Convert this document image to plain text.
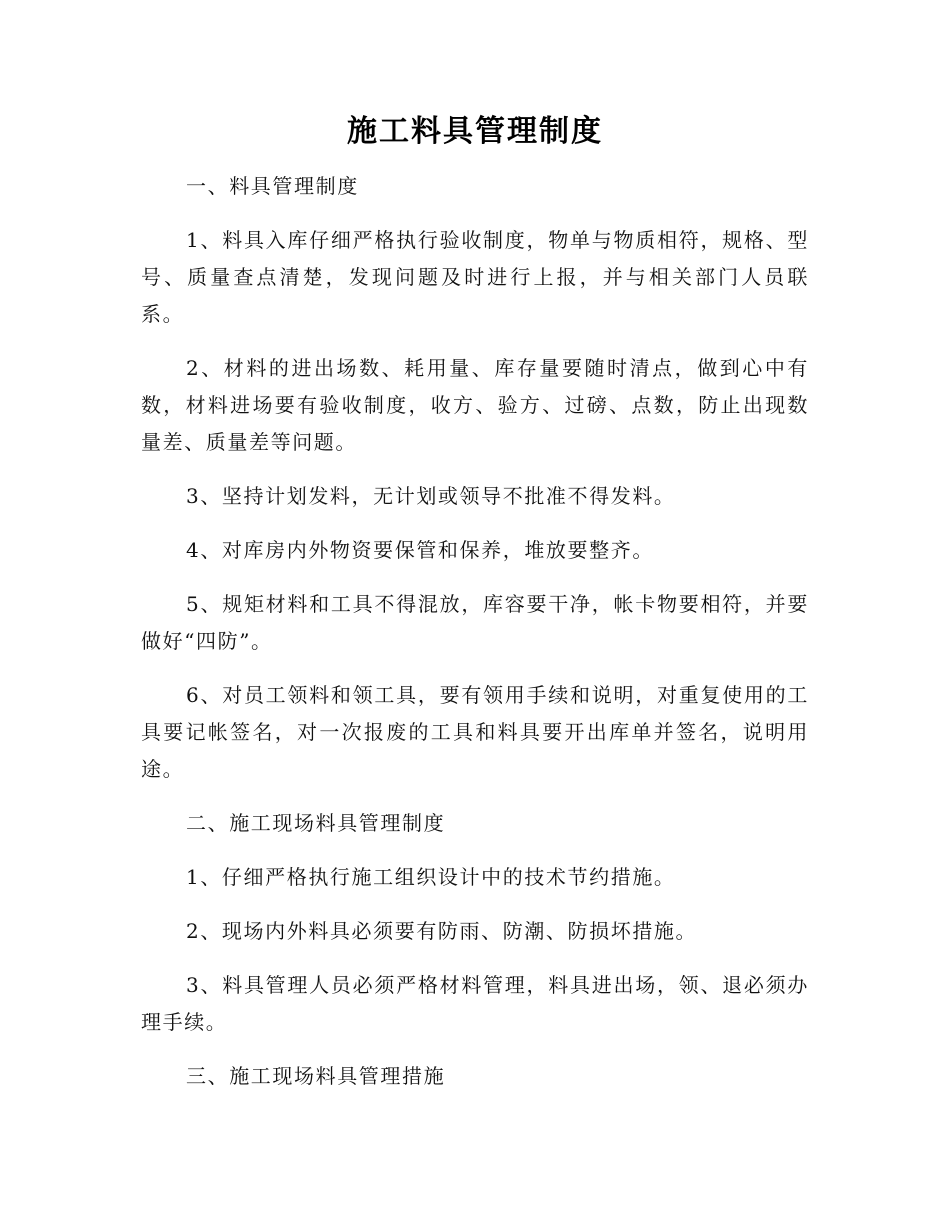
施工料具管理制度

一、料具管理制度

1、料具入库仔细严格执行验收制度，物单与物质相符，规格、型号、质量查点清楚，发现问题及时进行上报，并与相关部门人员联系。

2、材料的进出场数、耗用量、库存量要随时清点，做到心中有数，材料进场要有验收制度，收方、验方、过磅、点数，防止出现数量差、质量差等问题。

3、坚持计划发料，无计划或领导不批准不得发料。

4、对库房内外物资要保管和保养，堆放要整齐。

5、规矩材料和工具不得混放，库容要干净，帐卡物要相符，并要做好“四防”。

6、对员工领料和领工具，要有领用手续和说明，对重复使用的工具要记帐签名，对一次报废的工具和料具要开出库单并签名，说明用途。

二、施工现场料具管理制度

1、仔细严格执行施工组织设计中的技术节约措施。

2、现场内外料具必须要有防雨、防潮、防损坏措施。

3、料具管理人员必须严格材料管理，料具进出场，领、退必须办理手续。

三、施工现场料具管理措施
